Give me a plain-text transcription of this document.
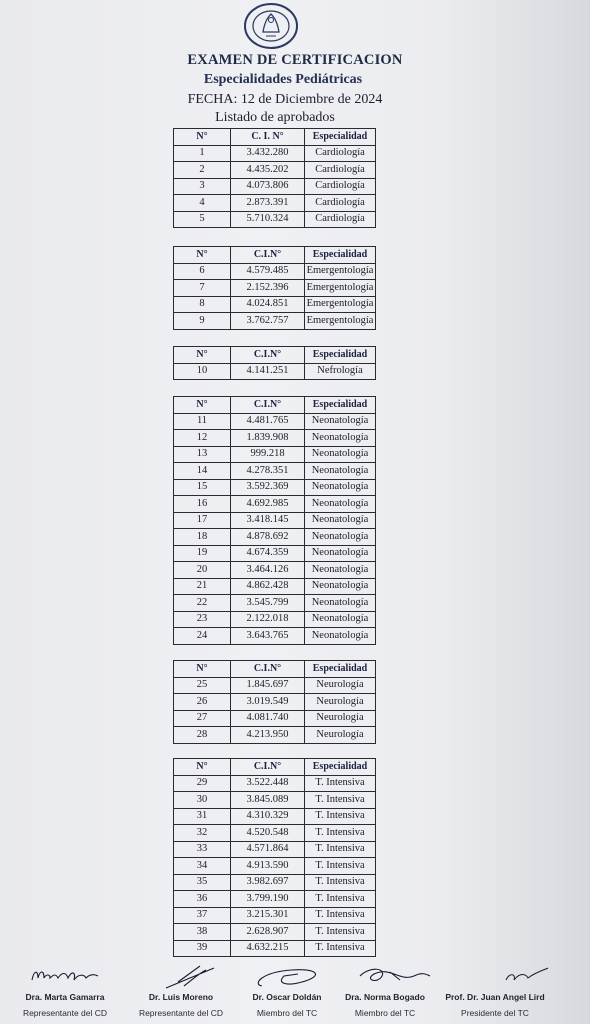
EXAMEN DE CERTIFICACION
Especialidades Pediátricas
FECHA: 12 de Diciembre de 2024
Listado de aprobados
N°	C. I. N°	Especialidad
1	3.432.280	Cardiología
2	4.435.202	Cardiología
3	4.073.806	Cardiología
4	2.873.391	Cardiología
5	5.710.324	Cardiología
N°	C.I.N°	Especialidad
6	4.579.485	Emergentología
7	2.152.396	Emergentología
8	4.024.851	Emergentología
9	3.762.757	Emergentología
N°	C.I.N°	Especialidad
10	4.141.251	Nefrología
N°	C.I.N°	Especialidad
11	4.481.765	Neonatología
12	1.839.908	Neonatología
13	999.218	Neonatología
14	4.278.351	Neonatología
15	3.592.369	Neonatología
16	4.692.985	Neonatología
17	3.418.145	Neonatología
18	4.878.692	Neonatología
19	4.674.359	Neonatología
20	3.464.126	Neonatología
21	4.862.428	Neonatología
22	3.545.799	Neonatología
23	2.122.018	Neonatología
24	3.643.765	Neonatología
N°	C.I.N°	Especialidad
25	1.845.697	Neurología
26	3.019.549	Neurología
27	4.081.740	Neurología
28	4.213.950	Neurología
N°	C.I.N°	Especialidad
29	3.522.448	T. Intensiva
30	3.845.089	T. Intensiva
31	4.310.329	T. Intensiva
32	4.520.548	T. Intensiva
33	4.571.864	T. Intensiva
34	4.913.590	T. Intensiva
35	3.982.697	T. Intensiva
36	3.799.190	T. Intensiva
37	3.215.301	T. Intensiva
38	2.628.907	T. Intensiva
39	4.632.215	T. Intensiva
Dra. Marta Gamarra
Representante del CD
Dr. Luis Moreno
Representante del CD
Dr. Oscar Doldán
Miembro del TC
Dra. Norma Bogado
Miembro del TC
Prof. Dr. Juan Angel Lird
Presidente del TC
